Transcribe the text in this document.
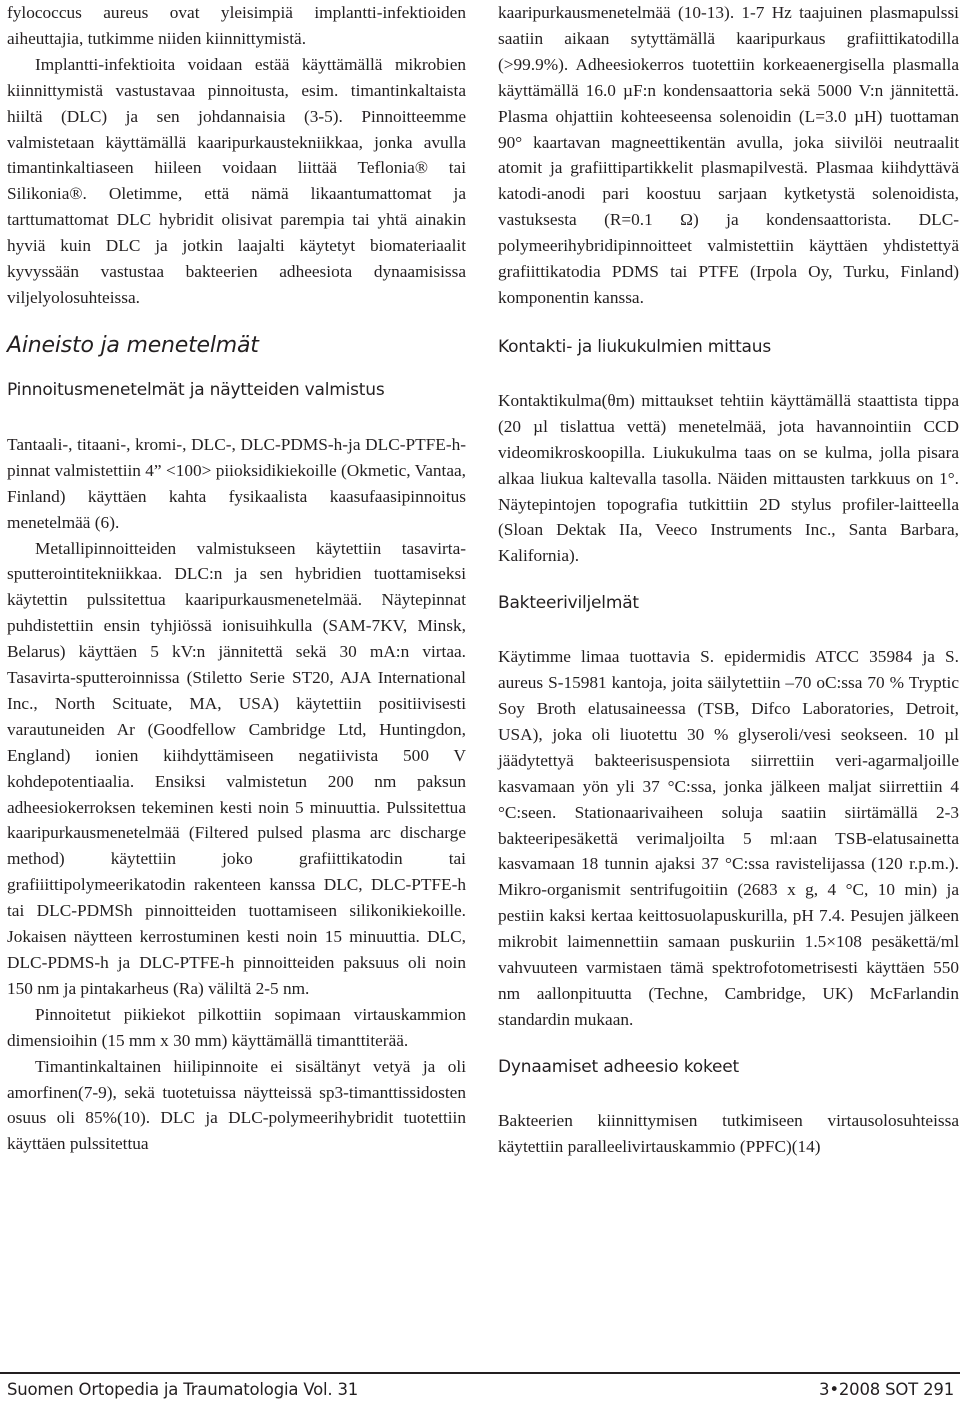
fylococcus aureus ovat yleisimpiä implantti-infektioiden aiheuttajia, tutkimme niiden kiinnittymistä.

Implantti-infektioita voidaan estää käyttämällä mikrobien kiinnittymistä vastustavaa pinnoitusta, esim. timantinkaltaista hiiltä (DLC) ja sen johdannaisia (3-5). Pinnoitteemme valmistetaan käyttämällä kaaripurkaustekniikkaa, jonka avulla timantinkaltiaseen hiileen voidaan liittää Teflonia® tai Silikonia®. Oletimme, että nämä likaantumattomat ja tarttumattomat DLC hybridit olisivat parempia tai yhtä ainakin hyviä kuin DLC ja jotkin laajalti käytetyt biomateriaalit kyvyssään vastustaa bakteerien adheesiota dynaamisissa viljelyolosuhteissa.

Aineisto ja menetelmät
Pinnoitusmenetelmät ja näytteiden valmistus

Tantaali-, titaani-, kromi-, DLC-, DLC-PDMS-h-ja DLC-PTFE-h-pinnat valmistettiin 4” <100> piioksidikiekoille (Okmetic, Vantaa, Finland) käyttäen kahta fysikaalista kaasufaasipinnoitus menetelmää (6).

Metallipinnoitteiden valmistukseen käytettiin tasavirta-sputterointitekniikkaa. DLC:n ja sen hybridien tuottamiseksi käytettin pulssitettua kaaripurkausmenetelmää. Näytepinnat puhdistettiin ensin tyhjiössä ionisuihkulla (SAM-7KV, Minsk, Belarus) käyttäen 5 kV:n jännitettä sekä 30 mA:n virtaa. Tasavirta-sputteroinnissa (Stiletto Serie ST20, AJA International Inc., North Scituate, MA, USA) käytettiin positiivisesti varautuneiden Ar (Goodfellow Cambridge Ltd, Huntingdon, England) ionien kiihdyttämiseen negatiivista 500 V kohdepotentiaalia. Ensiksi valmistetun 200 nm paksun adheesiokerroksen tekeminen kesti noin 5 minuuttia. Pulssitettua kaaripurkausmenetelmää (Filtered pulsed plasma arc discharge method) käytettiin joko grafiittikatodin tai grafiiittipolymeerikatodin rakenteen kanssa DLC, DLC-PTFE-h tai DLC-PDMSh pinnoitteiden tuottamiseen silikonikiekoille. Jokaisen näytteen kerrostuminen kesti noin 15 minuuttia. DLC, DLC-PDMS-h ja DLC-PTFE-h pinnoitteiden paksuus oli noin 150 nm ja pintakarheus (Ra) väliltä 2-5 nm.

Pinnoitetut piikiekot pilkottiin sopimaan virtauskammion dimensioihin (15 mm x 30 mm) käyttämällä timanttiterää.

Timantinkaltainen hiilipinnoite ei sisältänyt vetyä ja oli amorfinen(7-9), sekä tuotetuissa näytteissä sp3-timanttissidosten osuus oli 85%(10). DLC ja DLC-polymeerihybridit tuotettiin käyttäen pulssitettua

kaaripurkausmenetelmää (10-13). 1-7 Hz taajuinen plasmapulssi saatiin aikaan sytyttämällä kaaripurkaus grafiittikatodilla (>99.9%). Adheesiokerros tuotettiin korkeaenergisella plasmalla käyttämällä 16.0 µF:n kondensaattoria sekä 5000 V:n jännitettä. Plasma ohjattiin kohteeseensa solenoidin (L=3.0 µH) tuottaman 90° kaartavan magneettikentän avulla, joka siivilöi neutraalit atomit ja grafiittipartikkelit plasmapilvestä. Plasmaa kiihdyttävä katodi-anodi pari koostuu sarjaan kytketystä solenoidista, vastuksesta (R=0.1 Ω) ja kondensaattorista. DLC-polymeerihybridipinnoitteet valmistettiin käyttäen yhdistettyä grafiittikatodia PDMS tai PTFE (Irpola Oy, Turku, Finland) komponentin kanssa.

Kontakti- ja liukukulmien mittaus

Kontaktikulma(θm) mittaukset tehtiin käyttämällä staattista tippa (20 µl tislattua vettä) menetelmää, jota havannointiin CCD videomikroskoopilla. Liukukulma taas on se kulma, jolla pisara alkaa liukua kaltevalla tasolla. Näiden mittausten tarkkuus on 1°. Näytepintojen topografia tutkittiin 2D stylus profiler-laitteella (Sloan Dektak IIa, Veeco Instruments Inc., Santa Barbara, Kalifornia).

Bakteeriviljelmät

Käytimme limaa tuottavia S. epidermidis ATCC 35984 ja S. aureus S-15981 kantoja, joita säilytettiin –70 oC:ssa 70 % Tryptic Soy Broth elatusaineessa (TSB, Difco Laboratories, Detroit, USA), joka oli liuotettu 30 % glyseroli/vesi seokseen. 10 µl jäädytettyä bakteerisuspensiota siirrettiin veri-agarmaljoille kasvamaan yön yli 37 °C:ssa, jonka jälkeen maljat siirrettiin 4 °C:seen. Stationaarivaiheen soluja saatiin siirtämällä 2-3 bakteeripesäkettä verimaljoilta 5 ml:aan TSB-elatusainetta kasvamaan 18 tunnin ajaksi 37 °C:ssa ravistelijassa (120 r.p.m.). Mikro-organismit sentrifugoitiin (2683 x g, 4 °C, 10 min) ja pestiin kaksi kertaa keittosuolapuskurilla, pH 7.4. Pesujen jälkeen mikrobit laimennettiin samaan puskuriin 1.5×108 pesäkettä/ml vahvuuteen varmistaen tämä spektrofotometrisesti käyttäen 550 nm aallonpituutta (Techne, Cambridge, UK) McFarlandin standardin mukaan.

Dynaamiset adheesio kokeet

Bakteerien kiinnittymisen tutkimiseen virtausolosuhteissa käytettiin paralleelivirtauskammio (PPFC)(14)

Suomen Ortopedia ja Traumatologia Vol. 31	3•2008 SOT 291
